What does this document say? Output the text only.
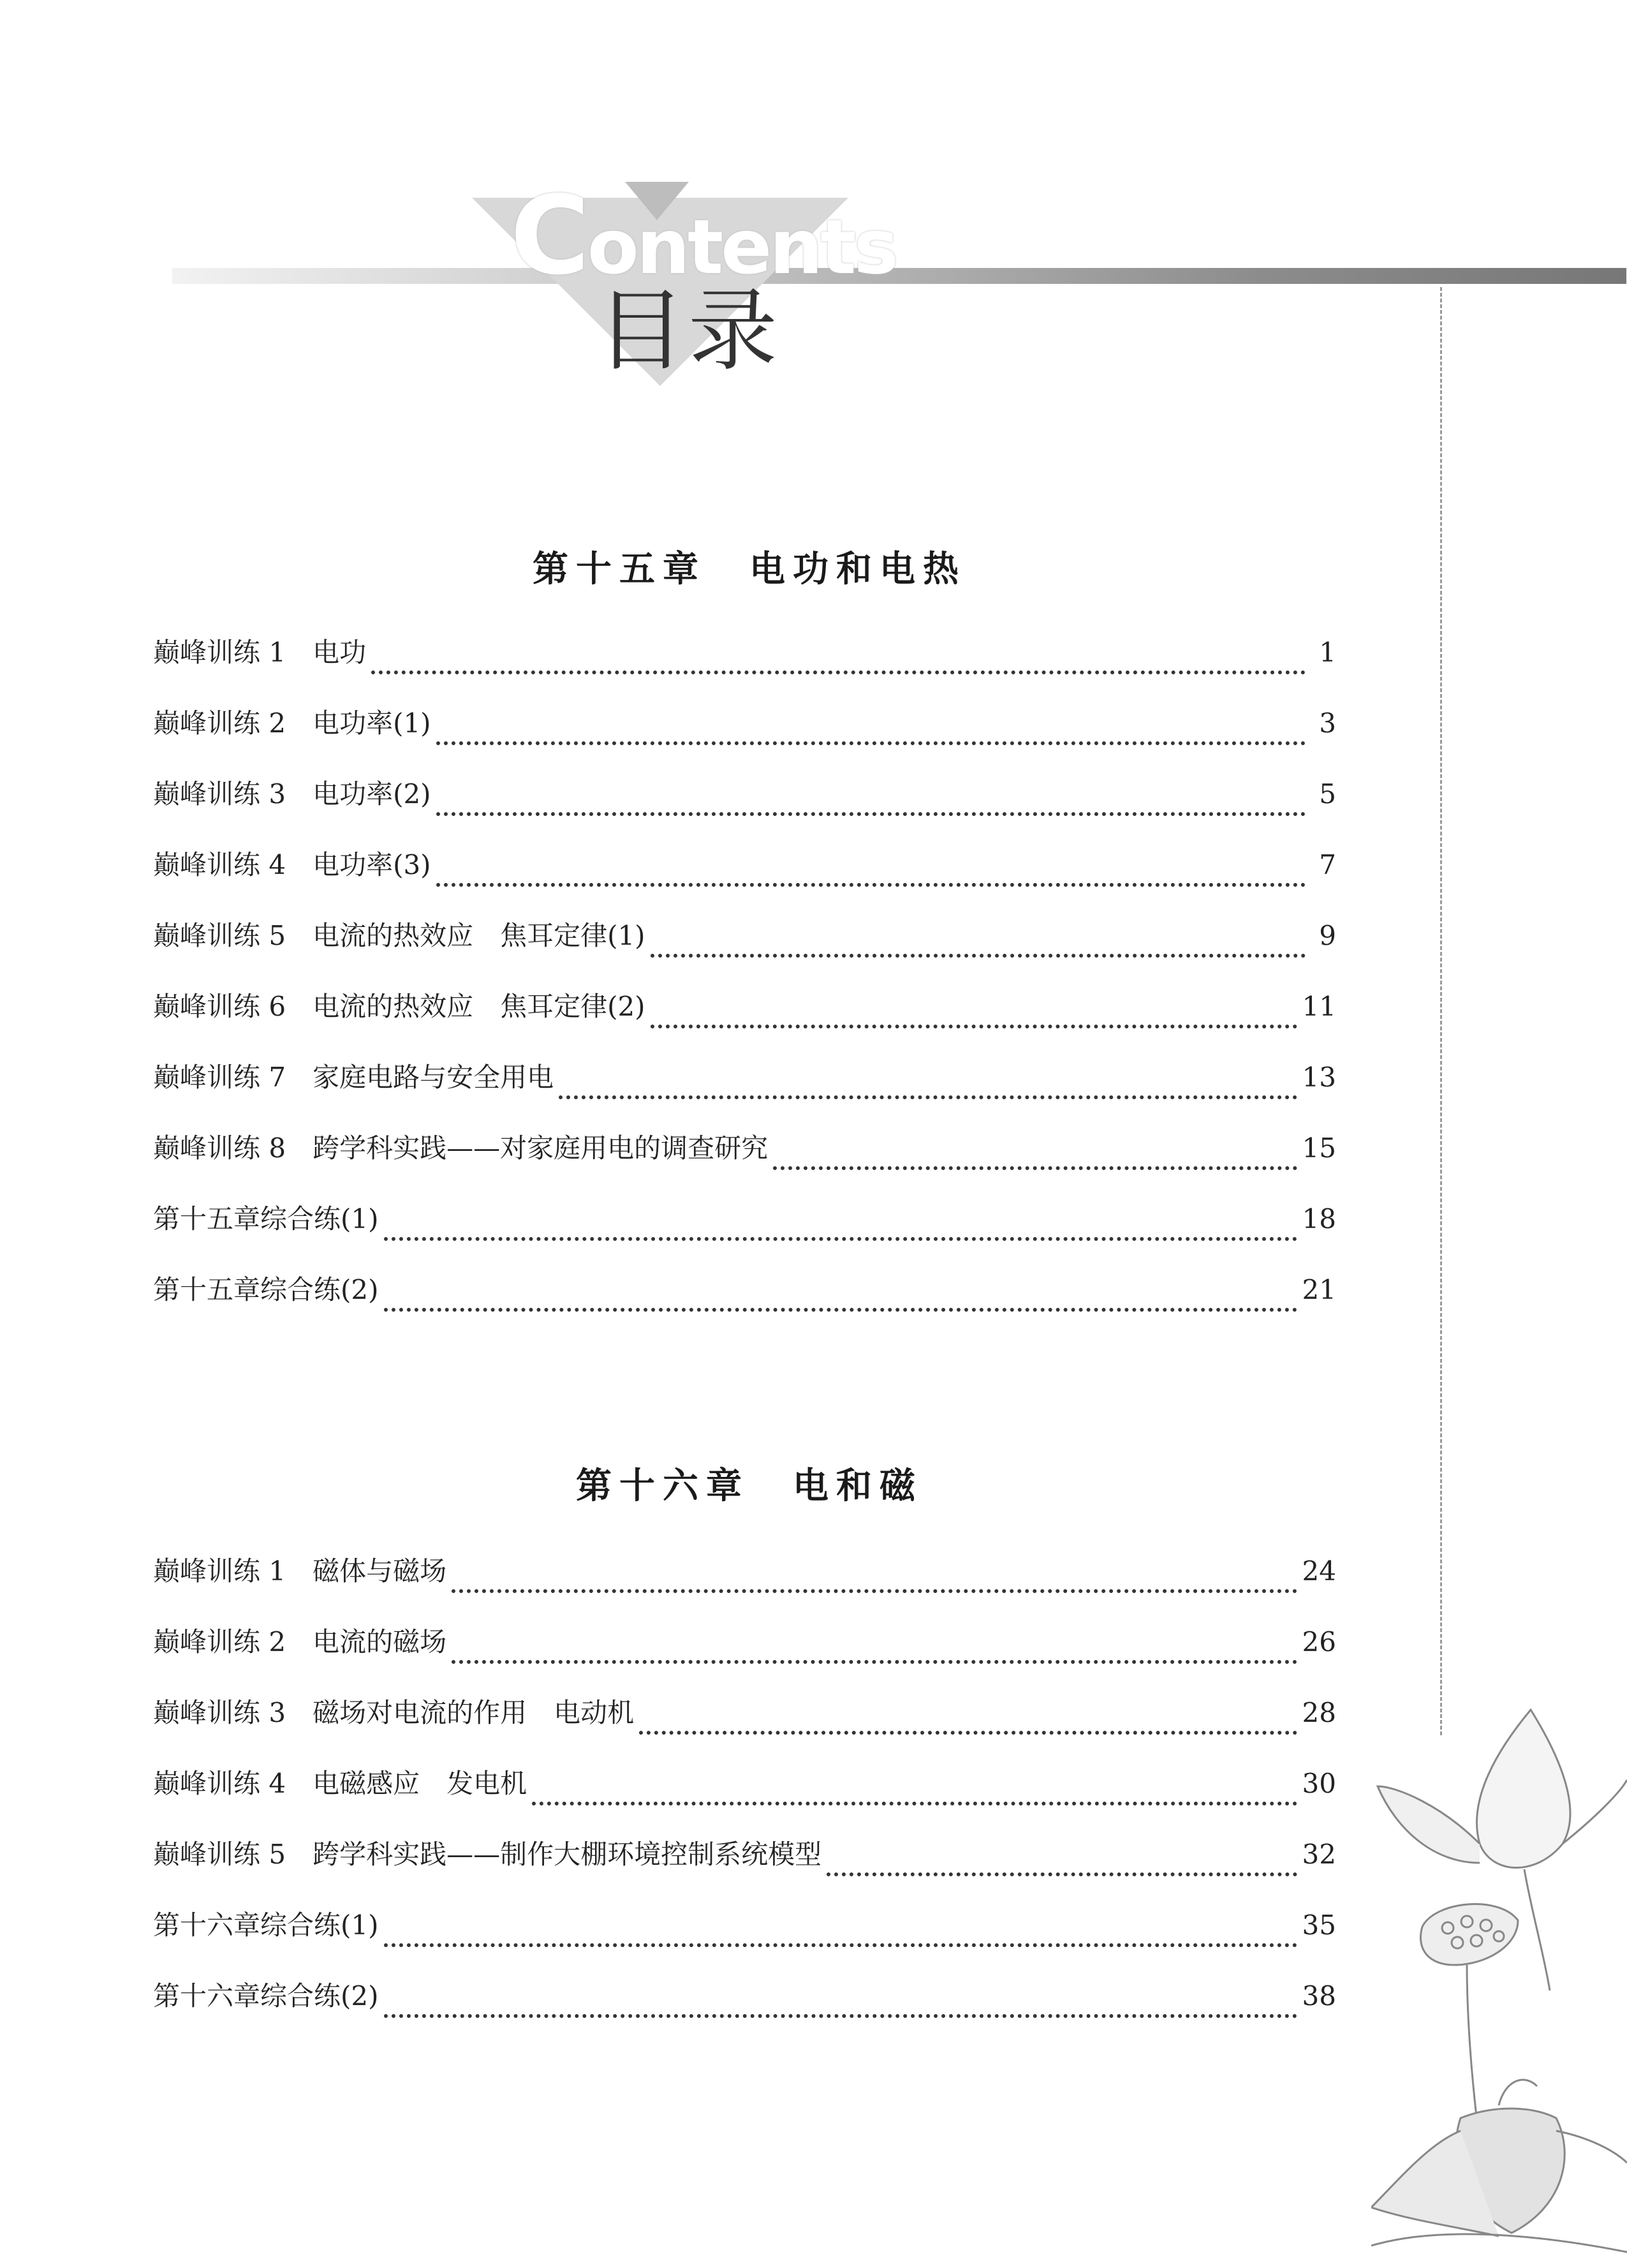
Contents
目录
第十五章　电功和电热
巅峰训练 1　电功	1
巅峰训练 2　电功率(1)	3
巅峰训练 3　电功率(2)	5
巅峰训练 4　电功率(3)	7
巅峰训练 5　电流的热效应　焦耳定律(1)	9
巅峰训练 6　电流的热效应　焦耳定律(2)	11
巅峰训练 7　家庭电路与安全用电	13
巅峰训练 8　跨学科实践——对家庭用电的调查研究	15
第十五章综合练(1)	18
第十五章综合练(2)	21
第十六章　电和磁
巅峰训练 1　磁体与磁场	24
巅峰训练 2　电流的磁场	26
巅峰训练 3　磁场对电流的作用　电动机	28
巅峰训练 4　电磁感应　发电机	30
巅峰训练 5　跨学科实践——制作大棚环境控制系统模型	32
第十六章综合练(1)	35
第十六章综合练(2)	38
